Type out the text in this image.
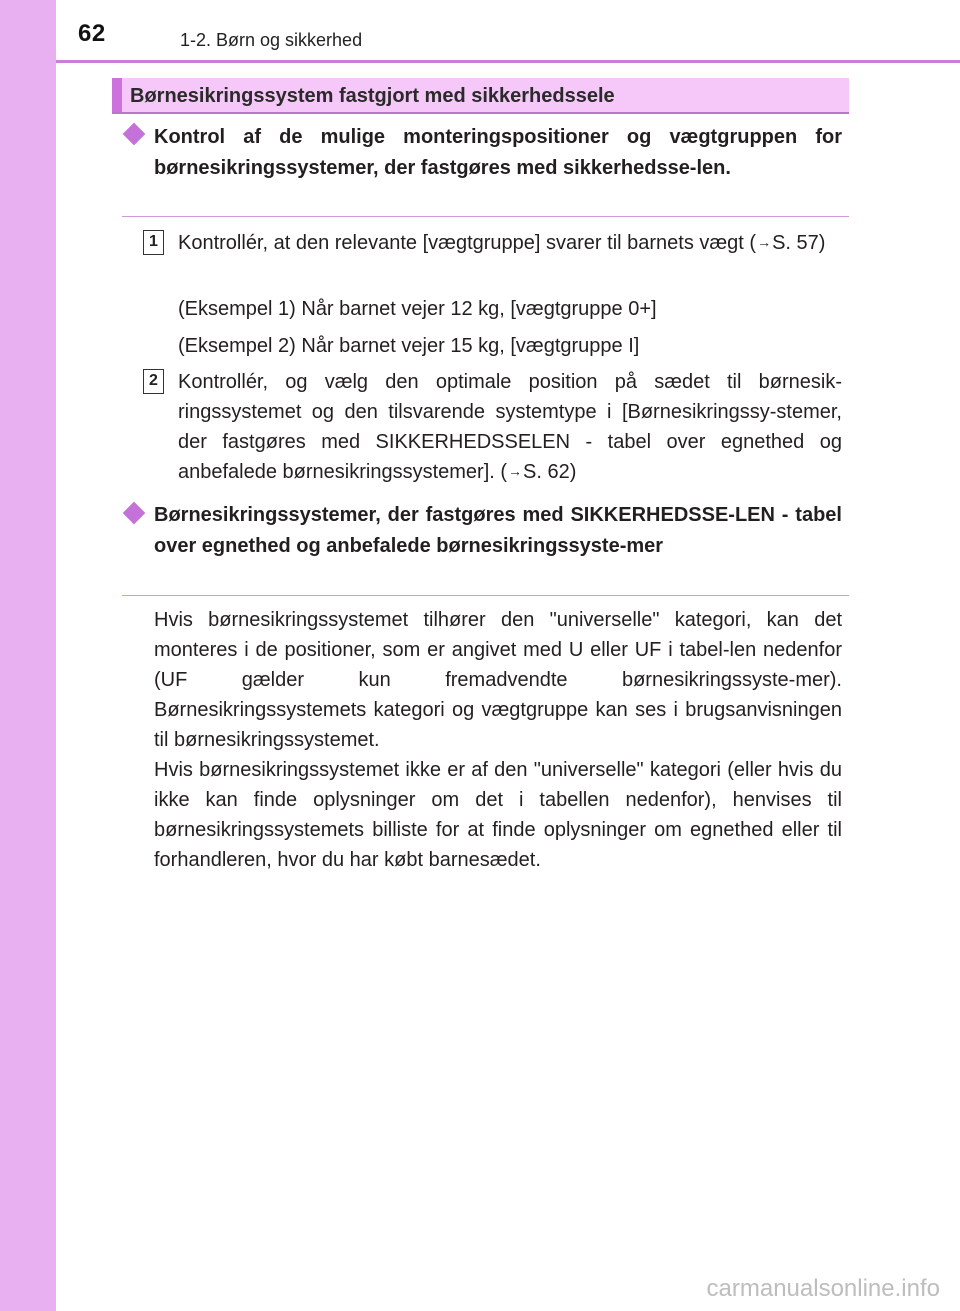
62	1-2. Børn og sikkerhed
Børnesikringssystem fastgjort med sikkerhedssele
Kontrol af de mulige monteringspositioner og vægtgruppen for børnesikringssystemer, der fastgøres med sikkerhedsse-len.
1	Kontrollér, at den relevante [vægtgruppe] svarer til barnets vægt (→S. 57)
(Eksempel 1) Når barnet vejer 12 kg, [vægtgruppe 0+]
(Eksempel 2) Når barnet vejer 15 kg, [vægtgruppe I]
2	Kontrollér, og vælg den optimale position på sædet til børnesik-ringssystemet og den tilsvarende systemtype i [Børnesikringssy-stemer, der fastgøres med SIKKERHEDSSELEN - tabel over egnethed og anbefalede børnesikringssystemer]. (→S. 62)
Børnesikringssystemer, der fastgøres med SIKKERHEDSSE-LEN - tabel over egnethed og anbefalede børnesikringssyste-mer
Hvis børnesikringssystemet tilhører den "universelle" kategori, kan det monteres i de positioner, som er angivet med U eller UF i tabel-len nedenfor (UF gælder kun fremadvendte børnesikringssyste-mer). Børnesikringssystemets kategori og vægtgruppe kan ses i brugsanvisningen til børnesikringssystemet.
Hvis børnesikringssystemet ikke er af den "universelle" kategori (eller hvis du ikke kan finde oplysninger om det i tabellen nedenfor), henvises til børnesikringssystemets billiste for at finde oplysninger om egnethed eller til forhandleren, hvor du har købt barnesædet.
carmanualsonline.info
